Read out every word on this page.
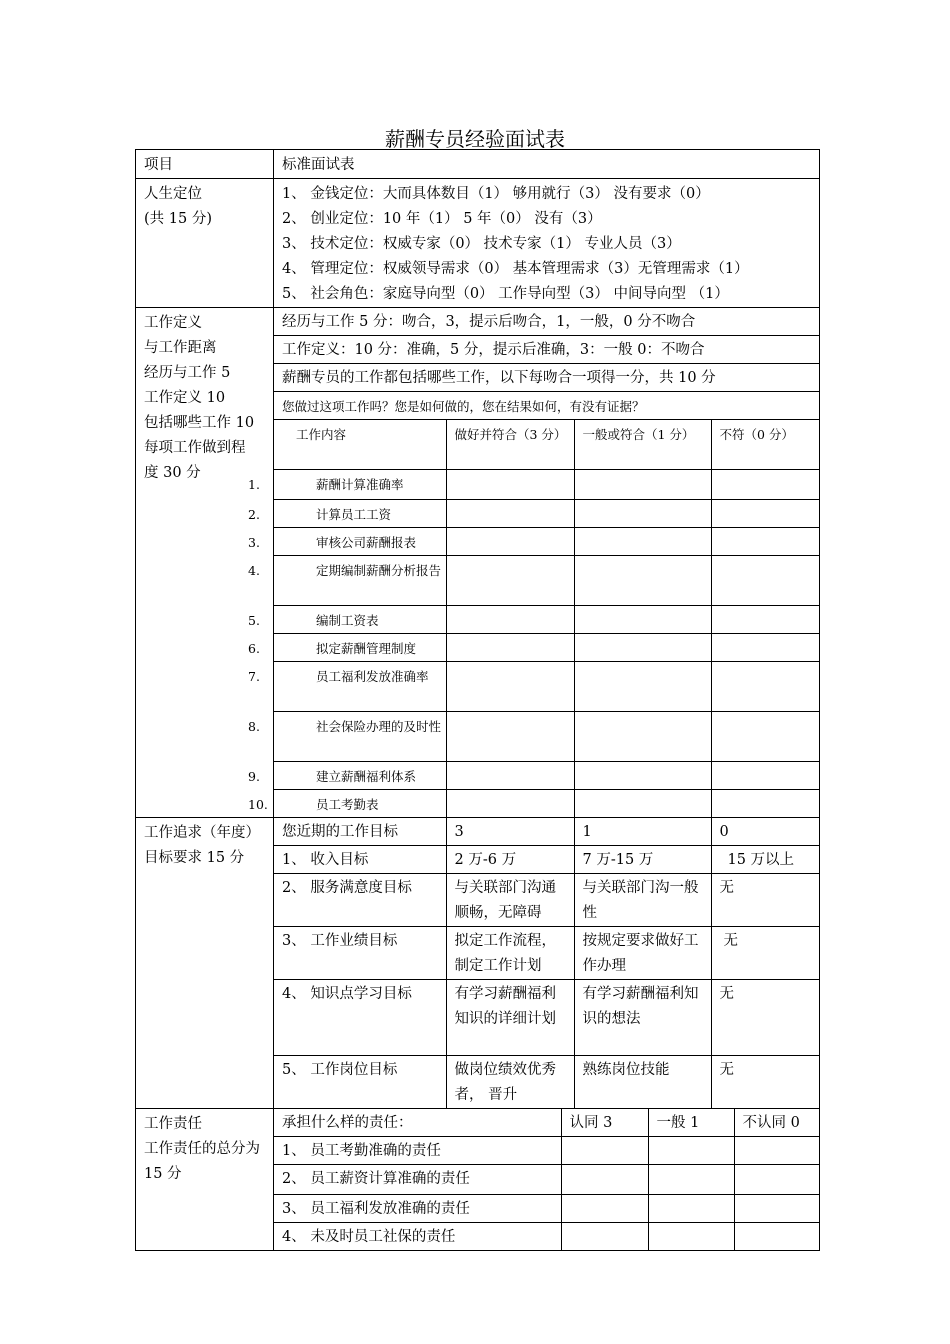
薪酬专员经验面试表
项目	标准面试表

人生定位
(共 15 分)

1、 金钱定位：大而具体数目（1） 够用就行（3） 没有要求（0）
2、 创业定位：10 年（1） 5 年（0） 没有（3）
3、 技术定位：权威专家（0） 技术专家（1） 专业人员（3）
4、 管理定位：权威领导需求（0） 基本管理需求（3）无管理需求（1）
5、 社会角色：家庭导向型（0） 工作导向型（3） 中间导向型 （1）

工作定义
与工作距离
经历与工作 5
工作定义 10
包括哪些工作 10
每项工作做到程
度 30 分

经历与工作 5 分：吻合，3，提示后吻合，1，一般，0 分不吻合
工作定义：10 分：准确，5 分，提示后准确，3：一般 0：不吻合
薪酬专员的工作都包括哪些工作，以下每吻合一项得一分，共 10 分
您做过这项工作吗？您是如何做的，您在结果如何，有没有证据？
工作内容	做好并符合（3 分）	一般或符合（1 分）	不符（0 分）
1.	薪酬计算准确率			
2.	计算员工工资			
3.	审核公司薪酬报表			
4.	定期编制薪酬分析报告			
5.	编制工资表			
6.	拟定薪酬管理制度			
7.	员工福利发放准确率			
8.	社会保险办理的及时性			
9.	建立薪酬福利体系			
10.	员工考勤表			

工作追求（年度）
目标要求 15 分

您近期的工作目标	3	1	0
1、 收入目标	2 万-6 万	7 万-15 万	15 万以上
2、 服务满意度目标	与关联部门沟通顺畅，无障碍	与关联部门沟一般性	无
3、 工作业绩目标	拟定工作流程，制定工作计划	按规定要求做好工作办理	无
4、 知识点学习目标	有学习薪酬福利知识的详细计划	有学习薪酬福利知识的想法	无
5、 工作岗位目标	做岗位绩效优秀者， 晋升	熟练岗位技能	无

工作责任
工作责任的总分为 15 分

承担什么样的责任：	认同 3	一般 1	不认同 0
1、 员工考勤准确的责任			
2、 员工薪资计算准确的责任			
3、 员工福利发放准确的责任			
4、 未及时员工社保的责任			
